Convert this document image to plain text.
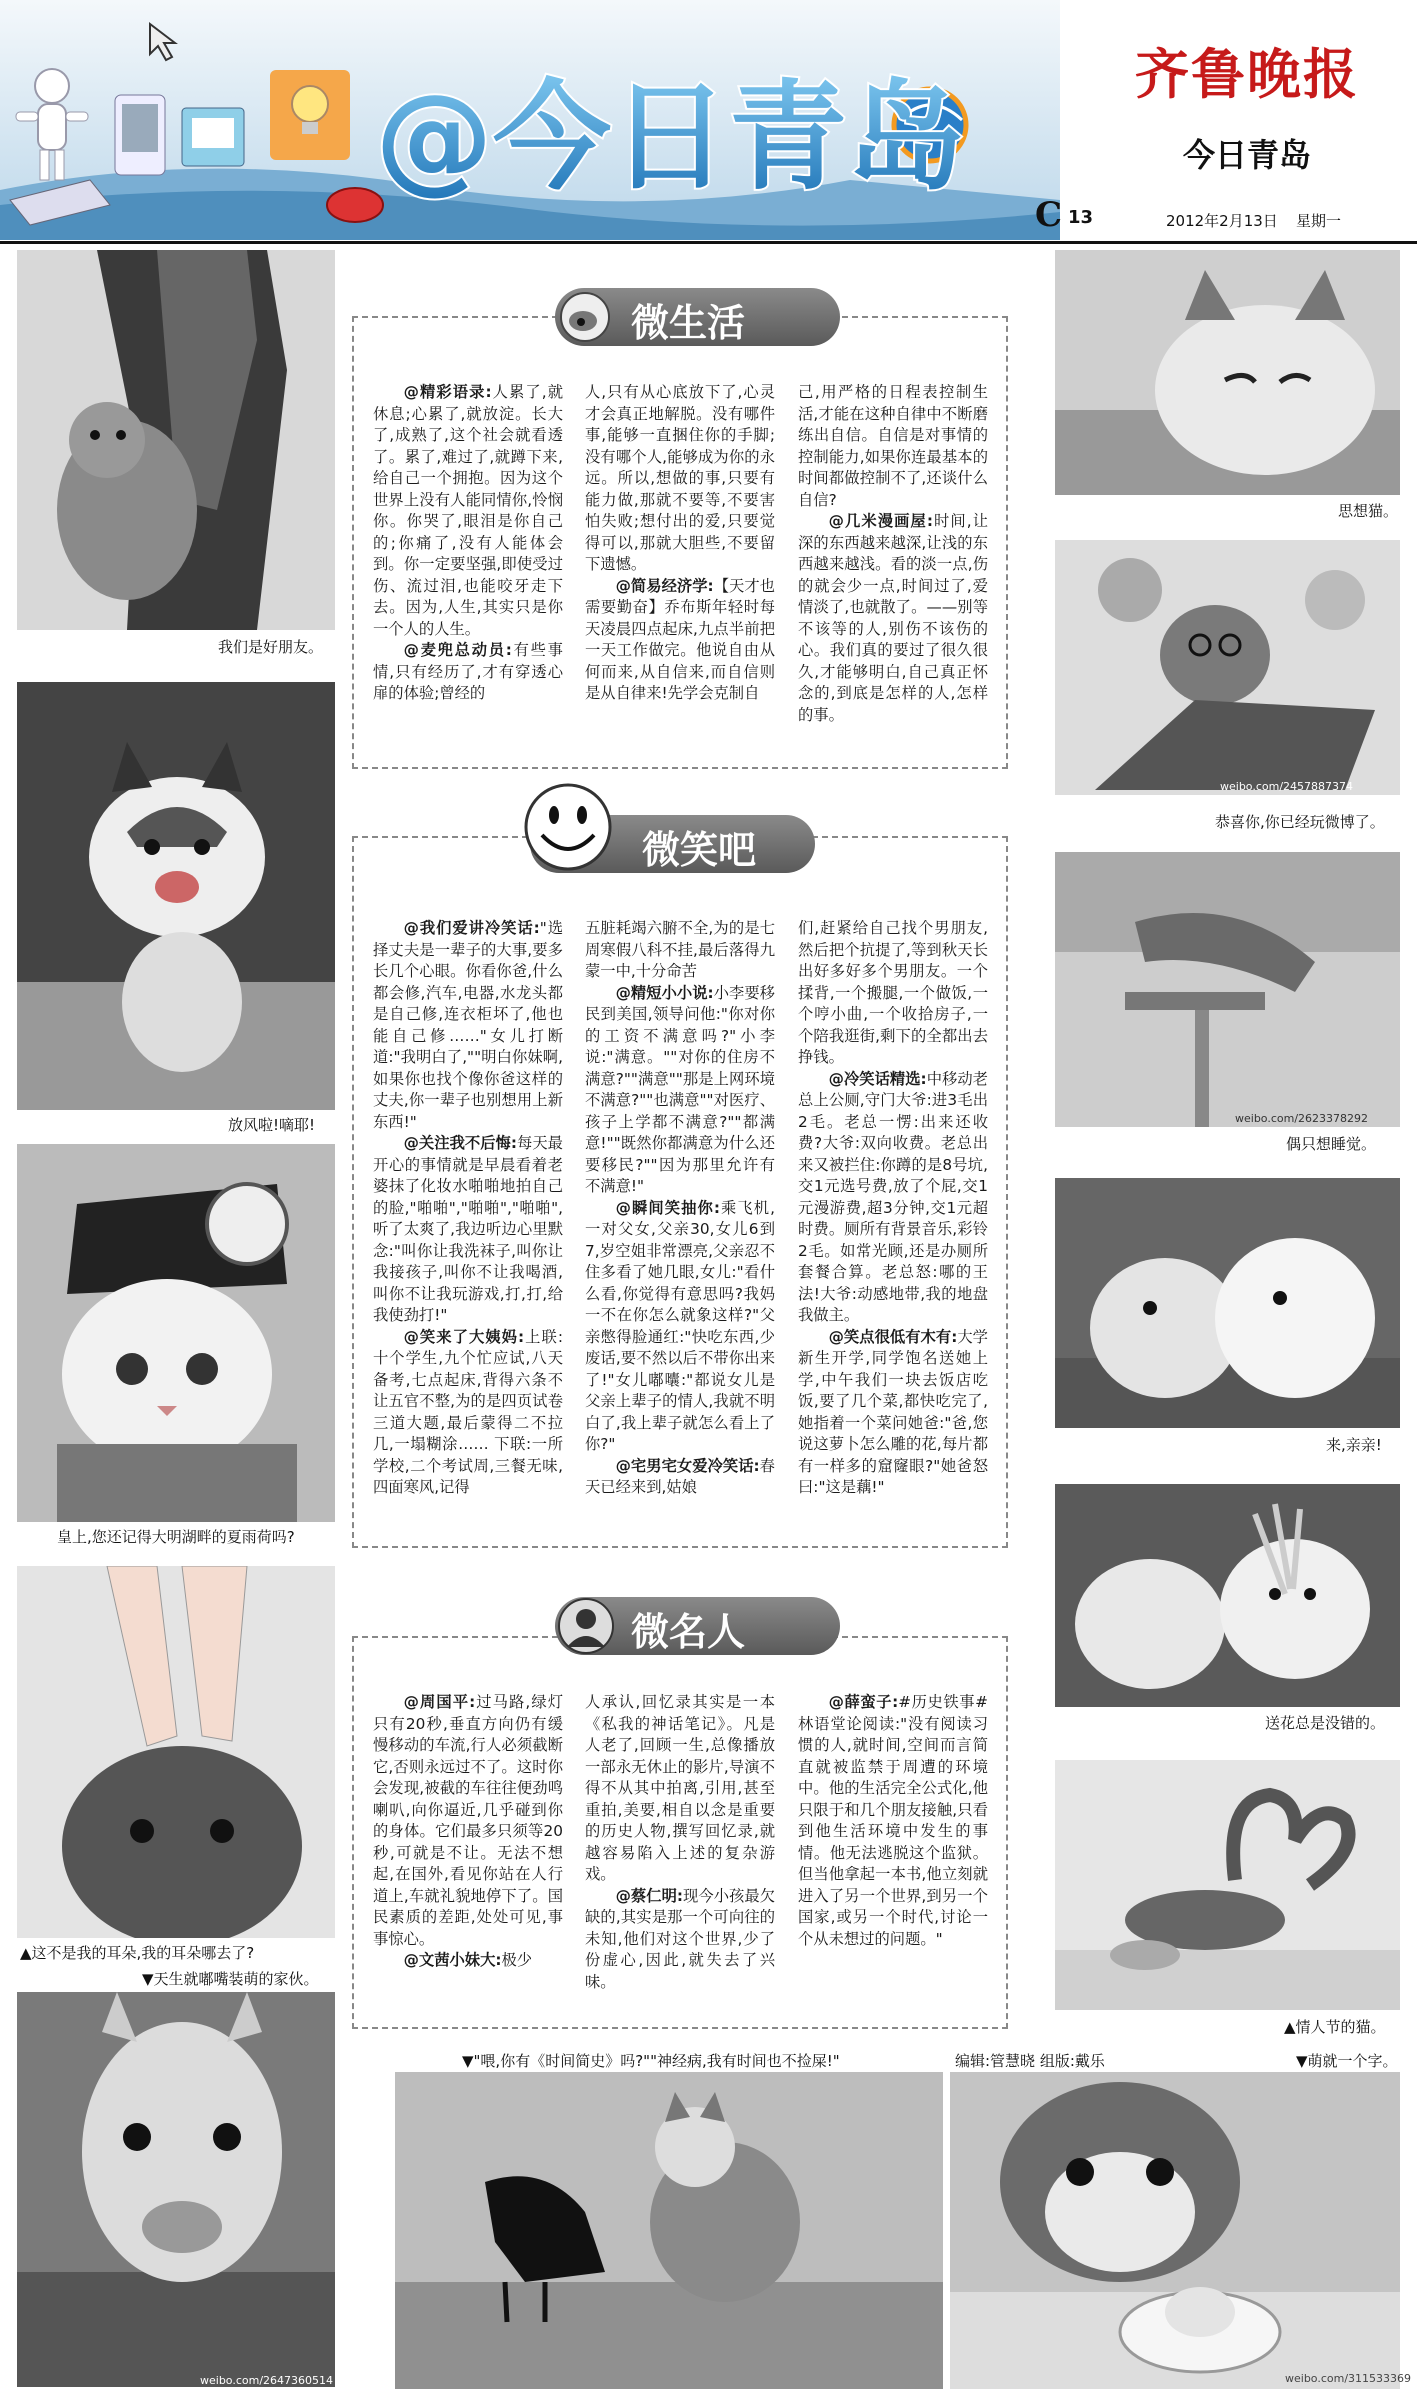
@今日青岛	齐鲁晚报
今日青岛
C 13	2012年2月13日 星期一
我们是好朋友。
放风啦!嘀耶!
皇上,您还记得大明湖畔的夏雨荷吗?
▲这不是我的耳朵,我的耳朵哪去了?
▼天生就嘟嘴装萌的家伙。
思想猫。
恭喜你,你已经玩微博了。
偶只想睡觉。
来,亲亲!
送花总是没错的。
▲情人节的猫。
▼"喂,你有《时间简史》吗?""神经病,我有时间也不捡屎!"	编辑:管慧晓 组版:戴乐	▼萌就一个字。
weibo.com/2457887374
weibo.com/311533369
weibo.com/2647360514
weibo.com/2623378292
微生活

@精彩语录:人累了,就休息;心累了,就放淀。长大了,成熟了,这个社会就看透了。累了,难过了,就蹲下来,给自己一个拥抱。因为这个世界上没有人能同情你,怜悯你。你哭了,眼泪是你自己的;你痛了,没有人能体会到。你一定要坚强,即使受过伤、流过泪,也能咬牙走下去。因为,人生,其实只是你一个人的人生。

@麦兜总动员:有些事情,只有经历了,才有穿透心扉的体验;曾经的

人,只有从心底放下了,心灵才会真正地解脱。没有哪件事,能够一直捆住你的手脚;没有哪个人,能够成为你的永远。所以,想做的事,只要有能力做,那就不要等,不要害怕失败;想付出的爱,只要觉得可以,那就大胆些,不要留下遗憾。

@简易经济学:【天才也需要勤奋】乔布斯年轻时每天凌晨四点起床,九点半前把一天工作做完。他说自由从何而来,从自信来,而自信则是从自律来!先学会克制自

己,用严格的日程表控制生活,才能在这种自律中不断磨练出自信。自信是对事情的控制能力,如果你连最基本的时间都做控制不了,还谈什么自信?

@几米漫画屋:时间,让深的东西越来越深,让浅的东西越来越浅。看的淡一点,伤的就会少一点,时间过了,爱情淡了,也就散了。——别等不该等的人,别伤不该伤的心。我们真的要过了很久很久,才能够明白,自己真正怀念的,到底是怎样的人,怎样的事。

微笑吧

@我们爱讲冷笑话:"选择丈夫是一辈子的大事,要多长几个心眼。你看你爸,什么都会修,汽车,电器,水龙头都是自己修,连衣柜坏了,他也能自己修……"女儿打断道:"我明白了,""明白你妹啊,如果你也找个像你爸这样的丈夫,你一辈子也别想用上新东西!"

@关注我不后悔:每天最开心的事情就是早晨看着老婆抹了化妆水啪啪地拍自己的脸,"啪啪","啪啪","啪啪",听了太爽了,我边听边心里默念:"叫你让我洗袜子,叫你让我接孩子,叫你不让我喝酒,叫你不让我玩游戏,打,打,给我使劲打!"

@笑来了大姨妈:上联:十个学生,九个忙应试,八天备考,七点起床,背得六条不让五官不整,为的是四页试卷三道大题,最后蒙得二不拉几,一塌糊涂…… 下联:一所学校,二个考试周,三餐无味,四面寒风,记得

五脏耗竭六腑不全,为的是七周寒假八科不挂,最后落得九蒙一中,十分命苦

@精短小小说:小李要移民到美国,领导问他:"你对你的工资不满意吗?"小李说:"满意。""对你的住房不满意?""满意""那是上网环境不满意?""也满意""对医疗、孩子上学都不满意?""都满意!""既然你都满意为什么还要移民?""因为那里允许有不满意!"

@瞬间笑抽你:乘飞机,一对父女,父亲30,女儿6到7,岁空姐非常漂亮,父亲忍不住多看了她几眼,女儿:"看什么看,你觉得有意思吗?我妈一不在你怎么就象这样?"父亲憋得脸通红:"快吃东西,少废话,要不然以后不带你出来了!"女儿嘟囔:"都说女儿是父亲上辈子的情人,我就不明白了,我上辈子就怎么看上了你?"

@宅男宅女爱冷笑话:春天已经来到,姑娘

们,赶紧给自己找个男朋友,然后把个抗提了,等到秋天长出好多好多个男朋友。一个揉背,一个搬腿,一个做饭,一个哼小曲,一个收拾房子,一个陪我逛街,剩下的全都出去挣钱。

@冷笑话精选:中移动老总上公厕,守门大爷:进3毛出2毛。老总一愣:出来还收费?大爷:双向收费。老总出来又被拦住:你蹲的是8号坑,交1元选号费,放了个屁,交1元漫游费,超3分钟,交1元超时费。厕所有背景音乐,彩铃2毛。如常光顾,还是办厕所套餐合算。老总怒:哪的王法!大爷:动感地带,我的地盘我做主。

@笑点很低有木有:大学新生开学,同学饱名送她上学,中午我们一块去饭店吃饭,要了几个菜,都快吃完了,她指着一个菜问她爸:"爸,您说这萝卜怎么雕的花,每片都有一样多的窟窿眼?"她爸怒曰:"这是藕!"

微名人

@周国平:过马路,绿灯只有20秒,垂直方向仍有缓慢移动的车流,行人必须截断它,否则永远过不了。这时你会发现,被截的车往往便劲鸣喇叭,向你逼近,几乎碰到你的身体。它们最多只须等20秒,可就是不让。无法不想起,在国外,看见你站在人行道上,车就礼貌地停下了。国民素质的差距,处处可见,事事惊心。

@文茜小妹大:极少

人承认,回忆录其实是一本《私我的神话笔记》。凡是人老了,回顾一生,总像播放一部永无休止的影片,导演不得不从其中拍离,引用,甚至重拍,美要,相自以念是重要的历史人物,撰写回忆录,就越容易陷入上述的复杂游戏。

@蔡仁明:现今小孩最欠缺的,其实是那一个可向往的未知,他们对这个世界,少了份虚心,因此,就失去了兴味。

@薛蛮子:#历史铁事#林语堂论阅读:"没有阅读习惯的人,就时间,空间而言简直就被监禁于周遭的环境中。他的生活完全公式化,他只限于和几个朋友接触,只看到他生活环境中发生的事情。他无法逃脱这个监狱。但当他拿起一本书,他立刻就进入了另一个世界,到另一个国家,或另一个时代,讨论一个从未想过的问题。"
